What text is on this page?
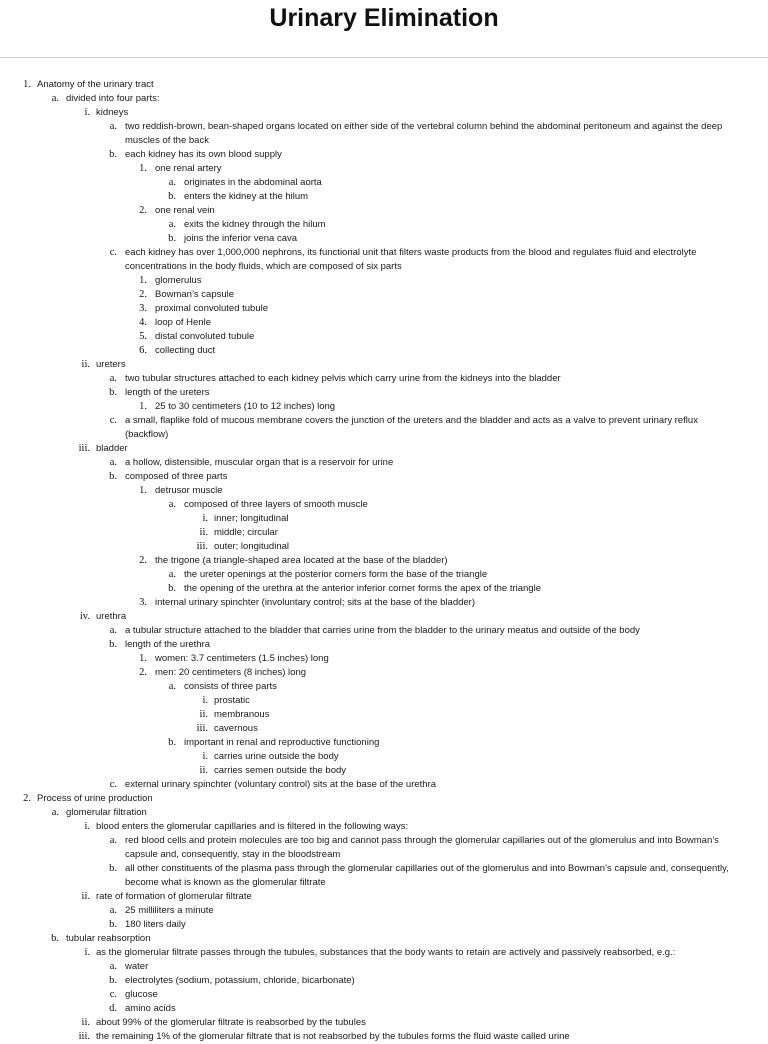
Urinary Elimination
1. Anatomy of the urinary tract
a. divided into four parts:
i. kidneys
a. two reddish-brown, bean-shaped organs located on either side of the vertebral column behind the abdominal peritoneum and against the deep muscles of the back
b. each kidney has its own blood supply
1. one renal artery
a. originates in the abdominal aorta
b. enters the kidney at the hilum
2. one renal vein
a. exits the kidney through the hilum
b. joins the inferior vena cava
c. each kidney has over 1,000,000 nephrons, its functional unit that filters waste products from the blood and regulates fluid and electrolyte concentrations in the body fluids, which are composed of six parts
1. glomerulus
2. Bowman’s capsule
3. proximal convoluted tubule
4. loop of Henle
5. distal convoluted tubule
6. collecting duct
ii. ureters
a. two tubular structures attached to each kidney pelvis which carry urine from the kidneys into the bladder
b. length of the ureters
1. 25 to 30 centimeters (10 to 12 inches) long
c. a small, flaplike fold of mucous membrane covers the junction of the ureters and the bladder and acts as a valve to prevent urinary reflux (backflow)
iii. bladder
a. a hollow, distensible, muscular organ that is a reservoir for urine
b. composed of three parts
1. detrusor muscle
a. composed of three layers of smooth muscle
i. inner; longitudinal
ii. middle; circular
iii. outer; longitudinal
2. the trigone (a triangle-shaped area located at the base of the bladder)
a. the ureter openings at the posterior corners form the base of the triangle
b. the opening of the urethra at the anterior inferior corner forms the apex of the triangle
3. internal urinary spinchter (involuntary control; sits at the base of the bladder)
iv. urethra
a. a tubular structure attached to the bladder that carries urine from the bladder to the urinary meatus and outside of the body
b. length of the urethra
1. women: 3.7 centimeters (1.5 inches) long
2. men: 20 centimeters (8 inches) long
a. consists of three parts
i. prostatic
ii. membranous
iii. cavernous
b. important in renal and reproductive functioning
i. carries urine outside the body
ii. carries semen outside the body
c. external urinary spinchter (voluntary control) sits at the base of the urethra
2. Process of urine production
a. glomerular filtration
i. blood enters the glomerular capillaries and is filtered in the following ways:
a. red blood cells and protein molecules are too big and cannot pass through the glomerular capillaries out of the glomerulus and into Bowman’s capsule and, consequently, stay in the bloodstream
b. all other constituents of the plasma pass through the glomerular capillaries out of the glomerulus and into Bowman’s capsule and, consequently, become what is known as the glomerular filtrate
ii. rate of formation of glomerular filtrate
a. 25 milliliters a minute
b. 180 liters daily
b. tubular reabsorption
i. as the glomerular filtrate passes through the tubules, substances that the body wants to retain are actively and passively reabsorbed, e.g.:
a. water
b. electrolytes (sodium, potassium, chloride, bicarbonate)
c. glucose
d. amino acids
ii. about 99% of the glomerular filtrate is reabsorbed by the tubules
iii. the remaining 1% of the glomerular filtrate that is not reabsorbed by the tubules forms the fluid waste called urine
